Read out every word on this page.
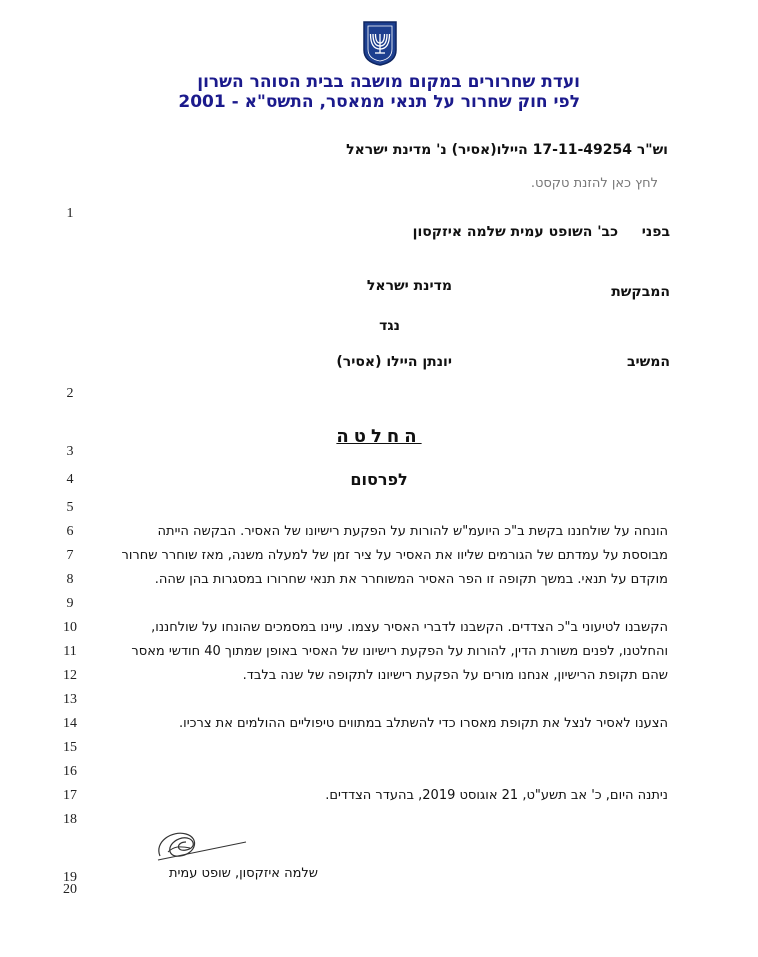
ועדת שחרורים במקום מושבה בבית הסוהר השרון
לפי חוק שחרור על תנאי ממאסר, התשס"א - 2001
וש"ר 17-11-49254 היילו(אסיר) נ' מדינת ישראל
לחץ כאן להזנת טקסט.
1
2
3
4
5
6
7
8
9
10
11
12
13
14
15
16
17
18
19
20
בפני
כב' השופט עמית שלמה איזקסון
המבקשת
מדינת ישראל
נגד
המשיב
יונתן היילו (אסיר)
החלטה
לפרסום
הונחה על שולחננו בקשת ב"כ היועמ"ש להורות על הפקעת רישיונו של האסיר. הבקשה הייתה
מבוססת על עמדתם של הגורמים שליוו את האסיר על ציר זמן של למעלה משנה, מאז שוחרר שחרור
מוקדם על תנאי. במשך תקופה זו הפר האסיר המשוחרר את תנאי שחרורו במסגרות בהן שהה.
הקשבנו לטיעוני ב"כ הצדדים. הקשבנו לדברי האסיר עצמו. עיינו במסמכים שהונחו על שולחננו,
והחלטנו, לפנים משורת הדין, להורות על הפקעת רישיונו של האסיר באופן שמתוך 40 חודשי מאסר
שהם תקופת הרישיון, אנחנו מורים על הפקעת רישיונו לתקופה של שנה בלבד.
הצענו לאסיר לנצל את תקופת מאסרו כדי להשתלב במתווים טיפוליים ההולמים את צרכיו.
ניתנה היום, כ' אב תשע"ט, 21 אוגוסט 2019, בהעדר הצדדים.
שלמה איזקסון, שופט עמית
